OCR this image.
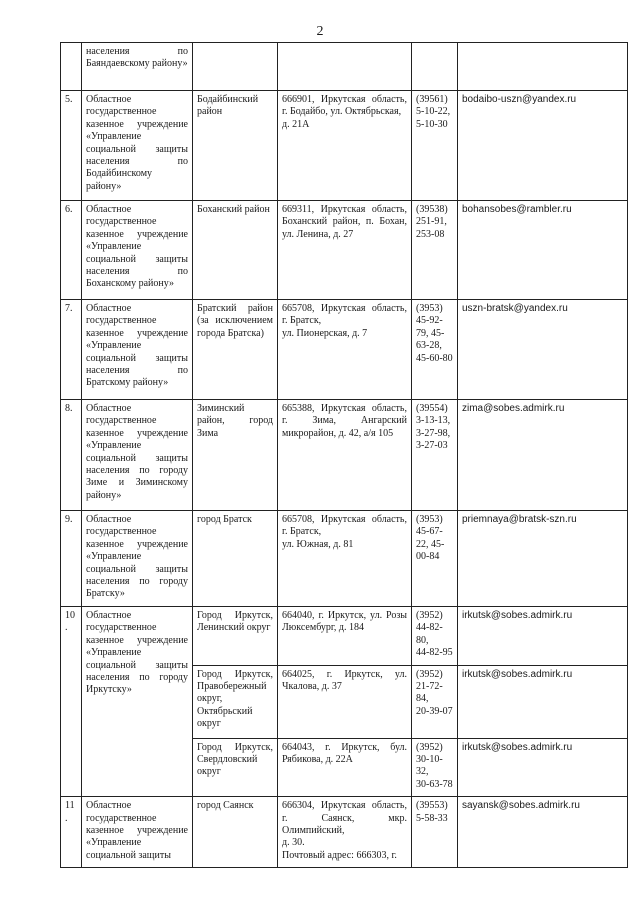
2
	населения по Баяндаевскому району»				
5.	Областное государственное казенное учреждение «Управление социальной защиты населения по Бодайбинскому району»	Бодайбинский район	666901, Иркутская область, г. Бодайбо, ул. Октябрьская,
д. 21А	(39561)
5-10-22,
5-10-30	bodaibo-uszn@yandex.ru
6.	Областное государственное казенное учреждение «Управление социальной защиты населения по Боханскому району»	Боханский район	669311, Иркутская область, Боханский район, п. Бохан, ул. Ленина, д. 27	(39538)
251-91,
253-08	bohansobes@rambler.ru
7.	Областное государственное казенное учреждение «Управление социальной защиты населения по Братскому району»	Братский район (за исключением города Братска)	665708, Иркутская область, г. Братск,
ул. Пионерская, д. 7	(3953)
45-92-
79, 45-
63-28,
45-60-80	uszn-bratsk@yandex.ru
8.	Областное государственное казенное учреждение «Управление социальной защиты населения по городу Зиме и Зиминскому району»	Зиминский район, город Зима	665388, Иркутская область, г. Зима, Ангарский микрорайон, д. 42, а/я 105	(39554)
3-13-13,
3-27-98,
3-27-03	zima@sobes.admirk.ru
9.	Областное государственное казенное учреждение «Управление социальной защиты населения по городу Братску»	город Братск	665708, Иркутская область, г. Братск,
ул. Южная, д. 81	(3953)
45-67-
22, 45-
00-84	priemnaya@bratsk-szn.ru
10.	Областное государственное казенное учреждение «Управление социальной защиты населения по городу Иркутску»	Город Иркутск, Ленинский округ	664040, г. Иркутск, ул. Розы Люксембург, д. 184	(3952)
44-82-80,
44-82-95	irkutsk@sobes.admirk.ru
		Город Иркутск, Правобережный округ, Октябрьский округ	664025, г. Иркутск, ул. Чкалова, д. 37	(3952)
21-72-84,
20-39-07	irkutsk@sobes.admirk.ru
		Город Иркутск, Свердловский округ	664043, г. Иркутск, бул. Рябикова, д. 22А	(3952)
30-10-32,
30-63-78	irkutsk@sobes.admirk.ru
11.	Областное государственное казенное учреждение «Управление социальной защиты	город Саянск	666304, Иркутская область, г. Саянск, мкр. Олимпийский,
д. 30.
Почтовый адрес: 666303, г.	(39553)
5-58-33	sayansk@sobes.admirk.ru
